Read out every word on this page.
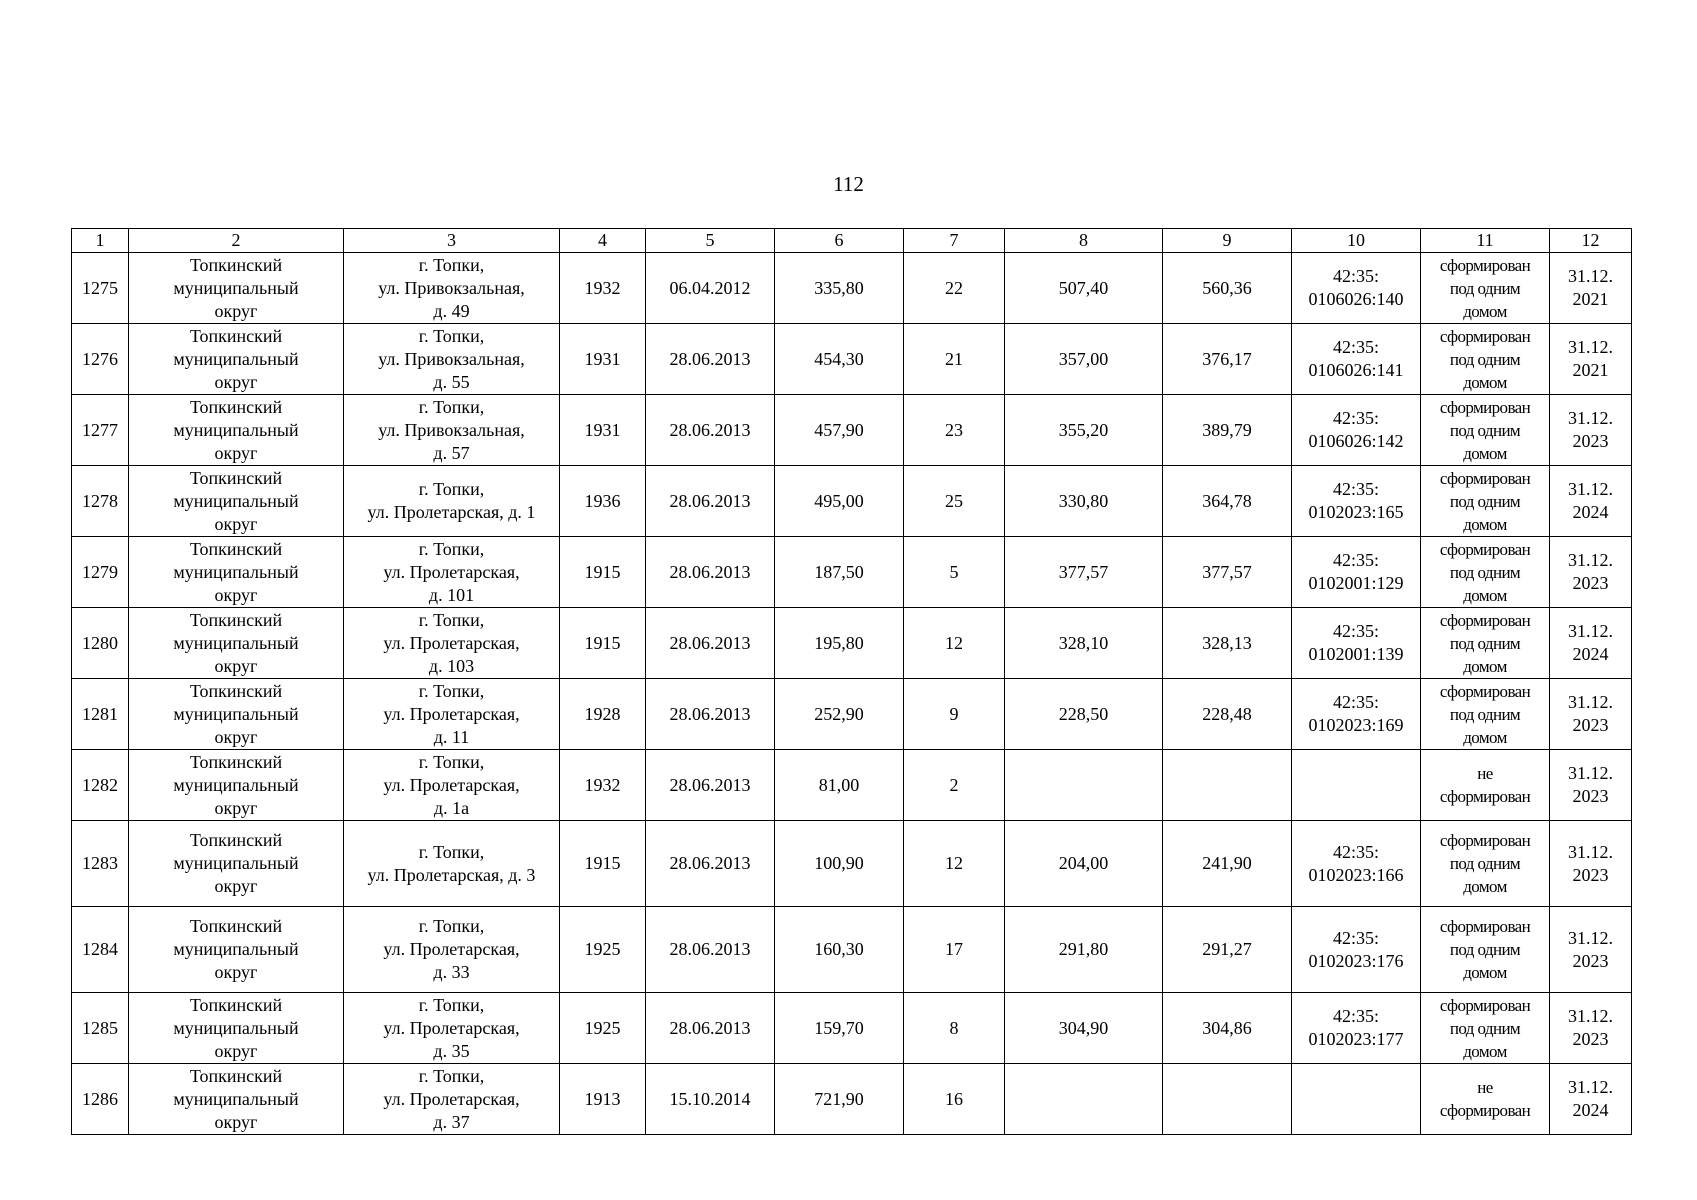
112
1	2	3	4	5	6	7	8	9	10	11	12
1275	Топкинский
муниципальный
округ	г. Топки,
ул. Привокзальная,
д. 49	1932	06.04.2012	335,80	22	507,40	560,36	42:35:
0106026:140	сформирован
под одним
домом	31.12.
2021

1276	Топкинский
муниципальный
округ	г. Топки,
ул. Привокзальная,
д. 55	1931	28.06.2013	454,30	21	357,00	376,17	42:35:
0106026:141	сформирован
под одним
домом	31.12.
2021

1277	Топкинский
муниципальный
округ	г. Топки,
ул. Привокзальная,
д. 57	1931	28.06.2013	457,90	23	355,20	389,79	42:35:
0106026:142	сформирован
под одним
домом	31.12.
2023

1278	Топкинский
муниципальный
округ	г. Топки,
ул. Пролетарская, д. 1	1936	28.06.2013	495,00	25	330,80	364,78	42:35:
0102023:165	сформирован
под одним
домом	31.12.
2024

1279	Топкинский
муниципальный
округ	г. Топки,
ул. Пролетарская,
д. 101	1915	28.06.2013	187,50	5	377,57	377,57	42:35:
0102001:129	сформирован
под одним
домом	31.12.
2023

1280	Топкинский
муниципальный
округ	г. Топки,
ул. Пролетарская,
д. 103	1915	28.06.2013	195,80	12	328,10	328,13	42:35:
0102001:139	сформирован
под одним
домом	31.12.
2024

1281	Топкинский
муниципальный
округ	г. Топки,
ул. Пролетарская,
д. 11	1928	28.06.2013	252,90	9	228,50	228,48	42:35:
0102023:169	сформирован
под одним
домом	31.12.
2023

1282	Топкинский
муниципальный
округ	г. Топки,
ул. Пролетарская,
д. 1а	1932	28.06.2013	81,00	2				не
сформирован	31.12.
2023

1283	Топкинский
муниципальный
округ	г. Топки,
ул. Пролетарская, д. 3	1915	28.06.2013	100,90	12	204,00	241,90	42:35:
0102023:166	сформирован
под одним
домом	31.12.
2023

1284	Топкинский
муниципальный
округ	г. Топки,
ул. Пролетарская,
д. 33	1925	28.06.2013	160,30	17	291,80	291,27	42:35:
0102023:176	сформирован
под одним
домом	31.12.
2023

1285	Топкинский
муниципальный
округ	г. Топки,
ул. Пролетарская,
д. 35	1925	28.06.2013	159,70	8	304,90	304,86	42:35:
0102023:177	сформирован
под одним
домом	31.12.
2023

1286	Топкинский
муниципальный
округ	г. Топки,
ул. Пролетарская,
д. 37	1913	15.10.2014	721,90	16				не
сформирован	31.12.
2024
